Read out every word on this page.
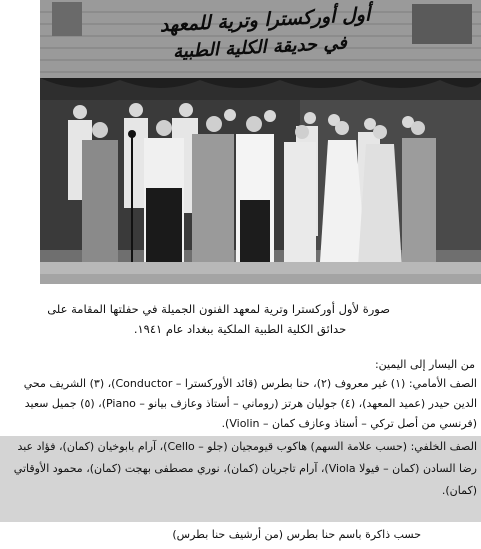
أول أوركسترا وترية للمعهد
في حديقة الكلية الطبية
صورة لأول أوركسترا وترية لمعهد الفنون الجميلة في حفلتها المقامة على
حدائق الكلية الطبية الملكية ببغداد عام ١٩٤١.
من اليسار إلى اليمين:
الصف الأمامي: (١) غير معروف (٢)، حنا بطرس (قائد الأوركسترا – Conductor)، (٣) الشريف محي
الدين حيدر (عميد المعهد)، (٤) جوليان هرتز (روماني – أستاذ وعازف بيانو – Piano)، (٥) جميل سعيد
(فرنسي من أصل تركي – أستاذ وعازف كمان – Violin).
الصف الخلفي: (حسب علامة السهم) هاكوب قيومجيان (جلو – Cello)، آرام بابوخيان (كمان)، فؤاد عبد
رضا السادن (كمان – فيولا Viola)، آرام تاجريان (كمان)، نوري مصطفى بهجت (كمان)، محمود الأوقاتي
(كمان).
حسب ذاكرة باسم حنا بطرس (من أرشيف حنا بطرس)
